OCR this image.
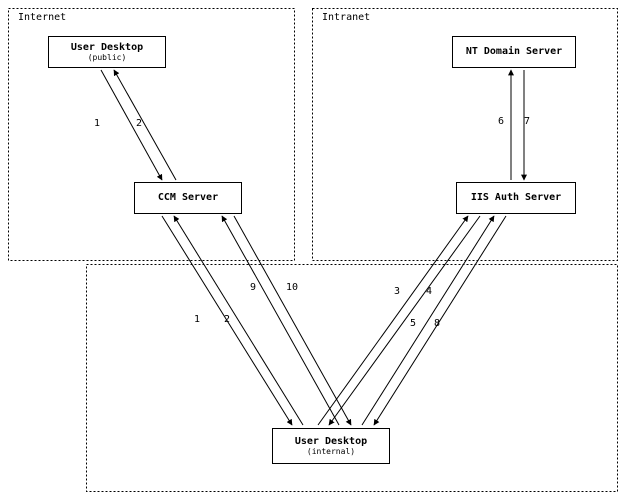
Internet	Intranet
User Desktop
(public)
CCM Server
NT Domain Server
IIS Auth Server
User Desktop
(internal)
1	2	6 7
9	10	3	4
1 2	5 8
